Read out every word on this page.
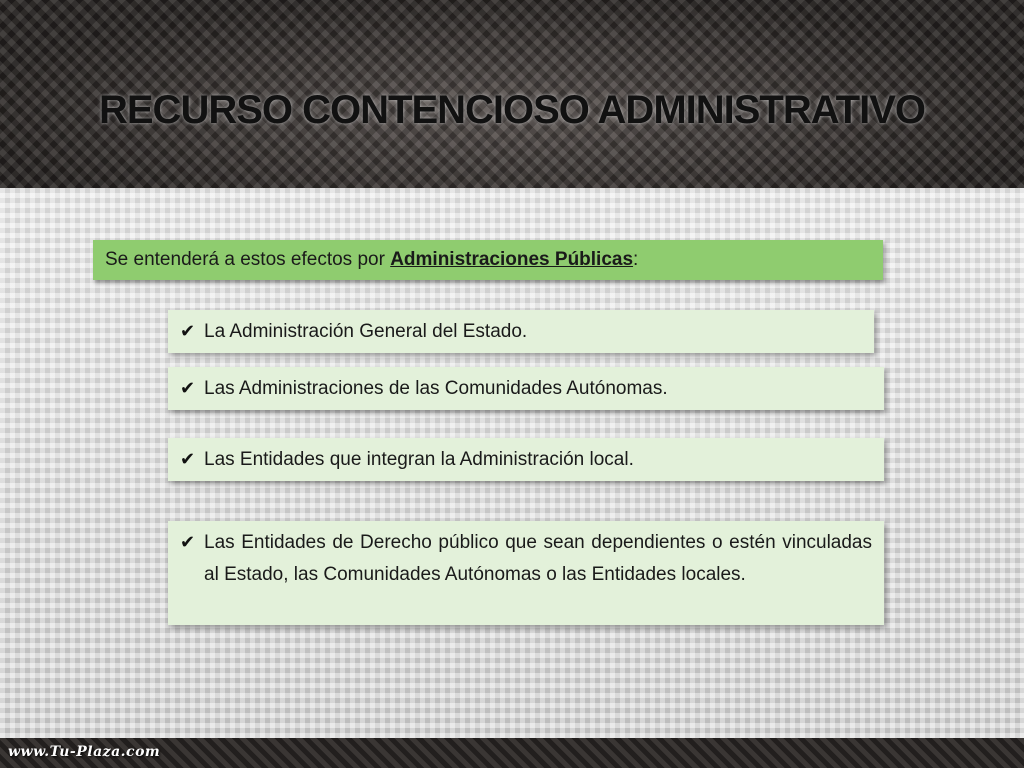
RECURSO CONTENCIOSO ADMINISTRATIVO
Se entenderá a estos efectos por Administraciones Públicas :
✔ La Administración General del Estado.
✔ Las Administraciones de las Comunidades Autónomas.
✔ Las Entidades que integran la Administración local.
✔ Las Entidades de Derecho público que sean dependientes o estén vinculadas al Estado, las Comunidades Autónomas o las Entidades locales.
www.Tu-Plaza.com
